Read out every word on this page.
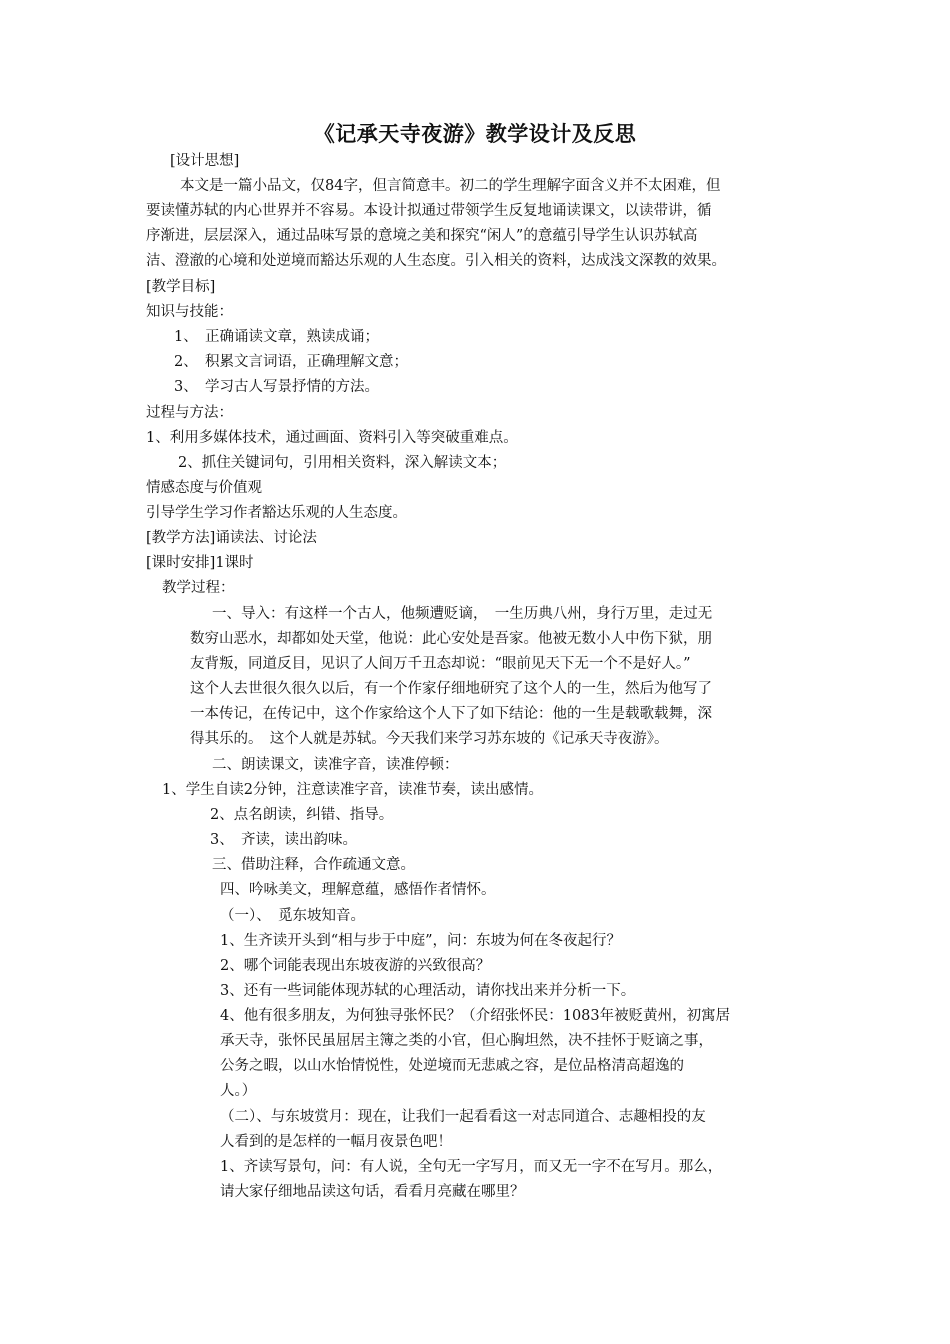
《记承天寺夜游》教学设计及反思
[设计思想]
本文是一篇小品文，仅84字，但言简意丰。初二的学生理解字面含义并不太困难，但
要读懂苏轼的内心世界并不容易。本设计拟通过带领学生反复地诵读课文，以读带讲，循
序渐进，层层深入，通过品味写景的意境之美和探究“闲人”的意蕴引导学生认识苏轼高
洁、澄澈的心境和处逆境而豁达乐观的人生态度。引入相关的资料，达成浅文深教的效果。
[教学目标]
知识与技能：
1、　正确诵读文章，熟读成诵；
2、　积累文言词语，正确理解文意；
3、　学习古人写景抒情的方法。
过程与方法：
1、利用多媒体技术，通过画面、资料引入等突破重难点。
2、抓住关键词句，引用相关资料，深入解读文本；
情感态度与价值观
引导学生学习作者豁达乐观的人生态度。
[教学方法]诵读法、讨论法
[课时安排]1课时
教学过程：
一、导入：有这样一个古人，他频遭贬谪，　一生历典八州，身行万里，走过无
数穷山恶水，却都如处天堂，他说：此心安处是吾家。他被无数小人中伤下狱，朋
友背叛，同道反目，见识了人间万千丑态却说：“眼前见天下无一个不是好人。”
这个人去世很久很久以后，有一个作家仔细地研究了这个人的一生，然后为他写了
一本传记，在传记中，这个作家给这个人下了如下结论：他的一生是载歌载舞，深
得其乐的。　这个人就是苏轼。今天我们来学习苏东坡的《记承天寺夜游》。
二、朗读课文，读准字音，读准停顿：
1、学生自读2分钟，注意读准字音，读准节奏，读出感情。
2、点名朗读，纠错、指导。
3、　齐读，读出韵味。
三、借助注释，合作疏通文意。
四、吟咏美文，理解意蕴，感悟作者情怀。
（一）、　觅东坡知音。
1、生齐读开头到“相与步于中庭”，问：东坡为何在冬夜起行？
2、哪个词能表现出东坡夜游的兴致很高？
3、还有一些词能体现苏轼的心理活动，请你找出来并分析一下。
4、他有很多朋友，为何独寻张怀民？（介绍张怀民：1083年被贬黄州，初寓居
承天寺，张怀民虽屈居主簿之类的小官，但心胸坦然，决不挂怀于贬谪之事，
公务之暇，以山水怡情悦性，处逆境而无悲戚之容，是位品格清高超逸的
人。）
（二）、与东坡赏月：现在，让我们一起看看这一对志同道合、志趣相投的友
人看到的是怎样的一幅月夜景色吧！
1、齐读写景句，问：有人说，全句无一字写月，而又无一字不在写月。那么，
请大家仔细地品读这句话，看看月亮藏在哪里？
